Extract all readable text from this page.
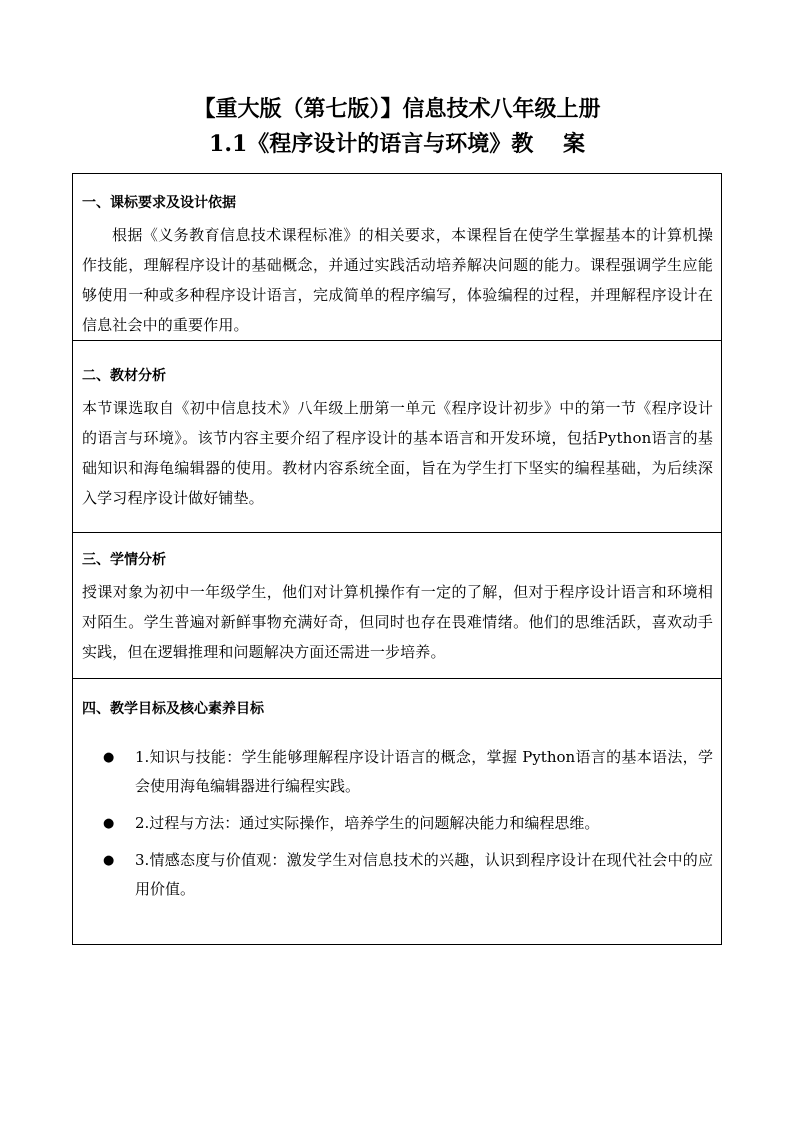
【重大版（第七版）】信息技术八年级上册
1.1《程序设计的语言与环境》教　 案

一、课标要求及设计依据

根据《义务教育信息技术课程标准》的相关要求，本课程旨在使学生掌握基本的计算机操作技能，理解程序设计的基础概念，并通过实践活动培养解决问题的能力。课程强调学生应能够使用一种或多种程序设计语言，完成简单的程序编写，体验编程的过程，并理解程序设计在信息社会中的重要作用。

二、教材分析

本节课选取自《初中信息技术》八年级上册第一单元《程序设计初步》中的第一节《程序设计的语言与环境》。该节内容主要介绍了程序设计的基本语言和开发环境，包括Python语言的基础知识和海龟编辑器的使用。教材内容系统全面，旨在为学生打下坚实的编程基础，为后续深入学习程序设计做好铺垫。

三、学情分析

授课对象为初中一年级学生，他们对计算机操作有一定的了解，但对于程序设计语言和环境相对陌生。学生普遍对新鲜事物充满好奇，但同时也存在畏难情绪。他们的思维活跃，喜欢动手实践，但在逻辑推理和问题解决方面还需进一步培养。

四、教学目标及核心素养目标

● 1.知识与技能：学生能够理解程序设计语言的概念，掌握 Python语言的基本语法，学会使用海龟编辑器进行编程实践。
● 2.过程与方法：通过实际操作，培养学生的问题解决能力和编程思维。
● 3.情感态度与价值观：激发学生对信息技术的兴趣，认识到程序设计在现代社会中的应用价值。
